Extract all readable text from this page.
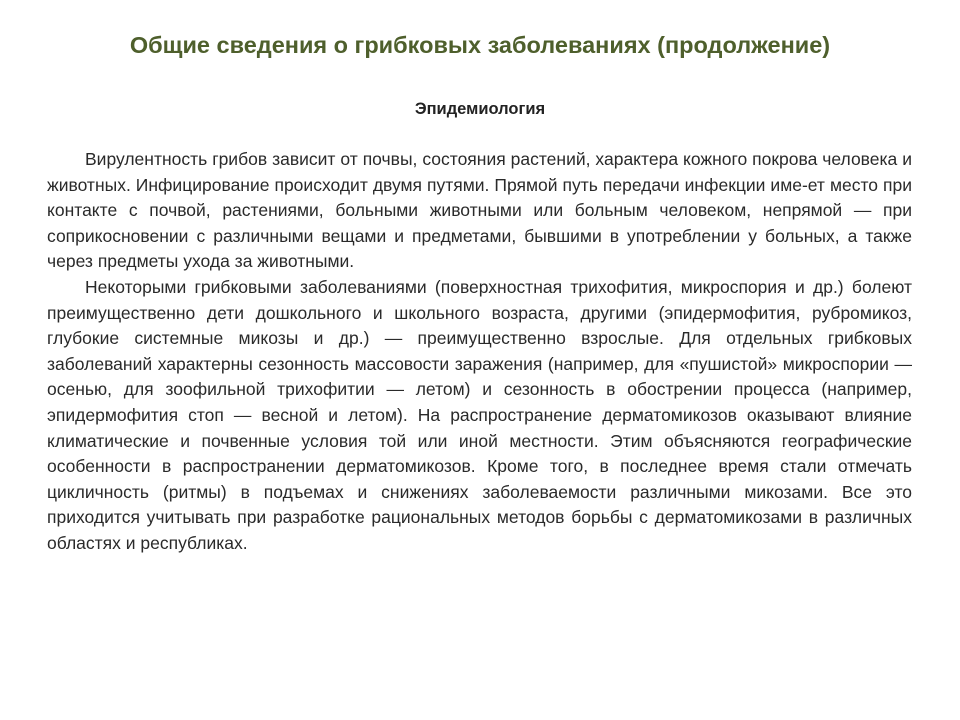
Общие сведения о грибковых заболеваниях (продолжение)
Эпидемиология

Вирулентность грибов зависит от почвы, состояния растений, характера кожного покрова человека и животных. Инфицирование происходит двумя путями. Прямой путь передачи инфекции име-ет место при контакте с почвой, растениями, больными животными или больным человеком, непрямой — при соприкосновении с различными вещами и предметами, бывшими в употреблении у больных, а также через предметы ухода за животными.

Некоторыми грибковыми заболеваниями (поверхностная трихофития, микроспория и др.) болеют преимущественно дети дошкольного и школьного возраста, другими (эпидермофития, рубромикоз, глубокие системные микозы и др.) — преимущественно взрослые. Для отдельных грибковых заболеваний характерны сезонность массовости заражения (например, для «пушистой» микроспории — осенью, для зоофильной трихофитии — летом) и сезонность в обострении процесса (например, эпидермофития стоп — весной и летом). На распространение дерматомикозов оказывают влияние климатические и почвенные условия той или иной местности. Этим объясняются географические особенности в распространении дерматомикозов. Кроме того, в последнее время стали отмечать цикличность (ритмы) в подъемах и снижениях заболеваемости различными микозами. Все это приходится учитывать при разработке рациональных методов борьбы с дерматомикозами в различных областях и республиках.
